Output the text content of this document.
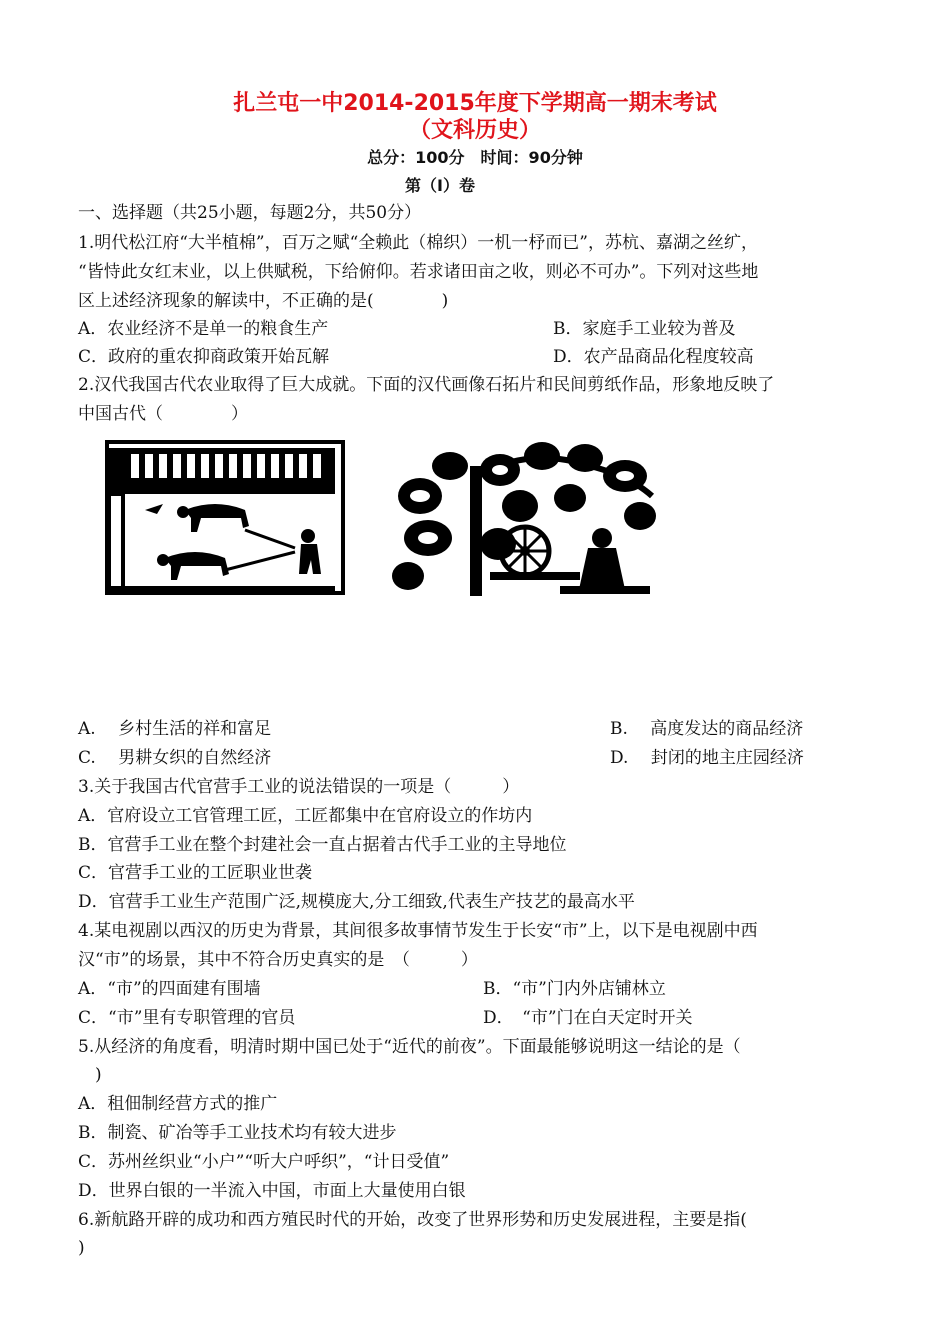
扎兰屯一中2014-2015年度下学期高一期末考试
（文科历史）
总分：100分　时间：90分钟
第（I）卷
一、选择题（共25小题，每题2分，共50分）
1.明代松江府“大半植棉”，百万之赋“全赖此（棉织）一机一杼而已”，苏杭、嘉湖之丝纩，
“皆恃此女红末业，以上供赋税，下给俯仰。若求诸田亩之收，则必不可办”。下列对这些地
区上述经济现象的解读中，不正确的是(　　　　)
A．农业经济不是单一的粮食生产	B．家庭手工业较为普及
C．政府的重农抑商政策开始瓦解	D．农产品商品化程度较高
2.汉代我国古代农业取得了巨大成就。下面的汉代画像石拓片和民间剪纸作品，形象地反映了
中国古代（　　　　）
A.　 乡村生活的祥和富足	B.　 高度发达的商品经济
C.　 男耕女织的自然经济	D.　 封闭的地主庄园经济
3.关于我国古代官营手工业的说法错误的一项是（　　　）
A．官府设立工官管理工匠，工匠都集中在官府设立的作坊内
B．官营手工业在整个封建社会一直占据着古代手工业的主导地位
C．官营手工业的工匠职业世袭
D．官营手工业生产范围广泛,规模庞大,分工细致,代表生产技艺的最高水平
4.某电视剧以西汉的历史为背景，其间很多故事情节发生于长安“市”上，以下是电视剧中西
汉“市”的场景，其中不符合历史真实的是　（　　　）
A．“市”的四面建有围墙	B．“市”门内外店铺林立
C．“市”里有专职管理的官员	D．　“市”门在白天定时开关
5.从经济的角度看，明清时期中国已处于“近代的前夜”。下面最能够说明这一结论的是（
　)
A．租佃制经营方式的推广
B．制瓷、矿冶等手工业技术均有较大进步
C．苏州丝织业“小户”“听大户呼织”，“计日受值”
D．世界白银的一半流入中国，市面上大量使用白银
6.新航路开辟的成功和西方殖民时代的开始，改变了世界形势和历史发展进程，主要是指(
)
